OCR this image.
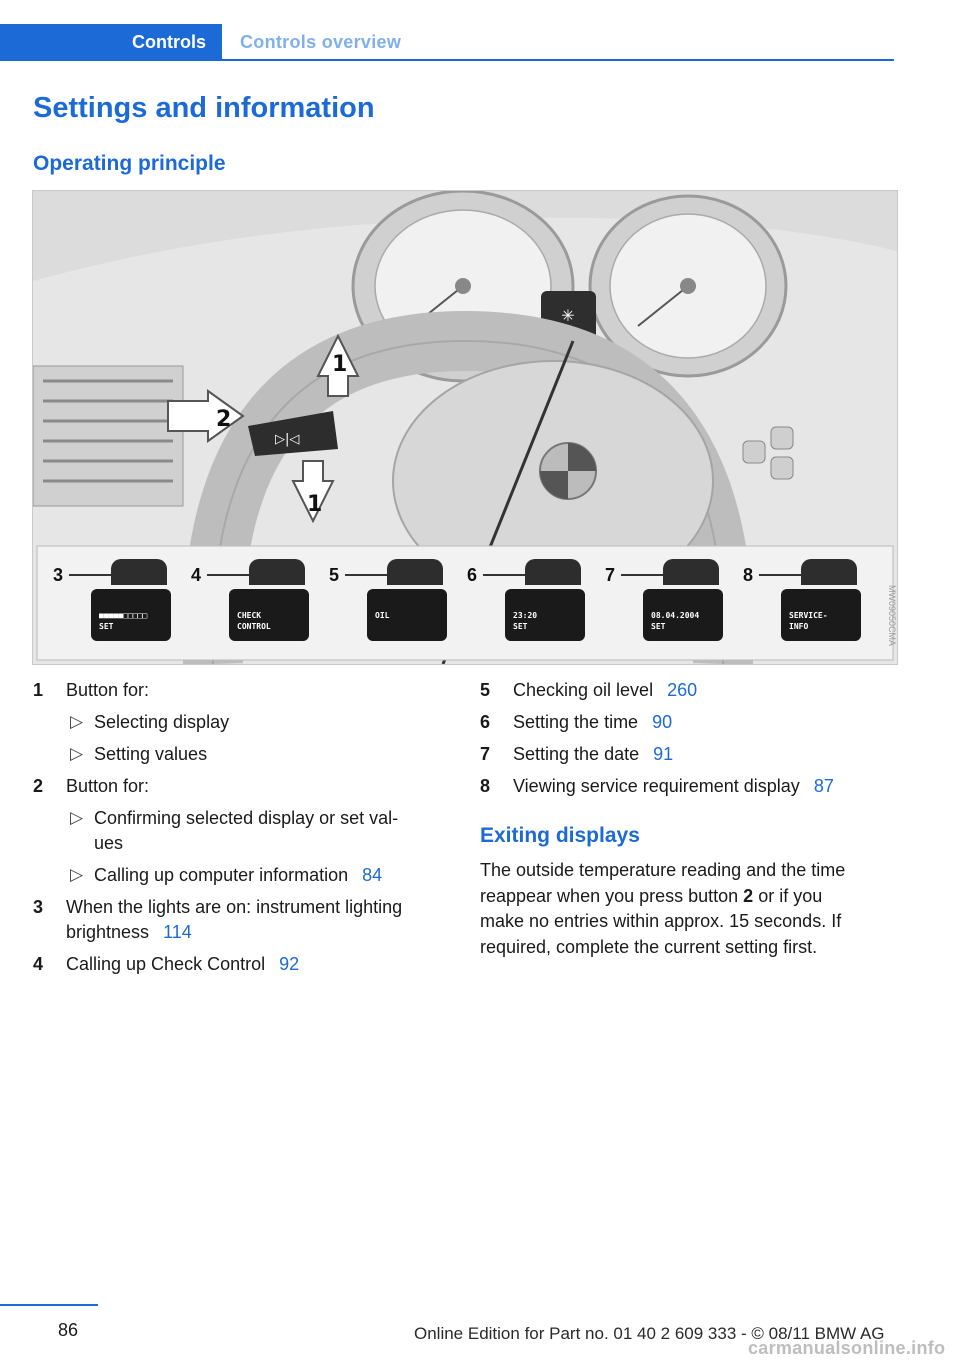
Controls Controls overview
Settings and information
Operating principle
✳
▷|◁
1
2
1
3
■■■■■□□□□□
SET
4
CHECK
CONTROL
5
OIL
6
23:20
SET
7
08.04.2004
SET
8
SERVICE-
INFO	MW09050CMA
1 Button for:
▷ Selecting display
▷ Setting values
2 Button for:
▷ Confirming selected display or set val-
ues
▷ Calling up computer information 84
3 When the lights are on: instrument lighting
brightness 114
4 Calling up Check Control 92
5 Checking oil level 260
6 Setting the time 90
7 Setting the date 91
8 Viewing service requirement display 87
Exiting displays
The outside temperature reading and the time
reappear when you press button 2 or if you
make no entries within approx. 15 seconds. If
required, complete the current setting first.
86	Online Edition for Part no. 01 40 2 609 333 - © 08/11 BMW AG
carmanualsonline.info
